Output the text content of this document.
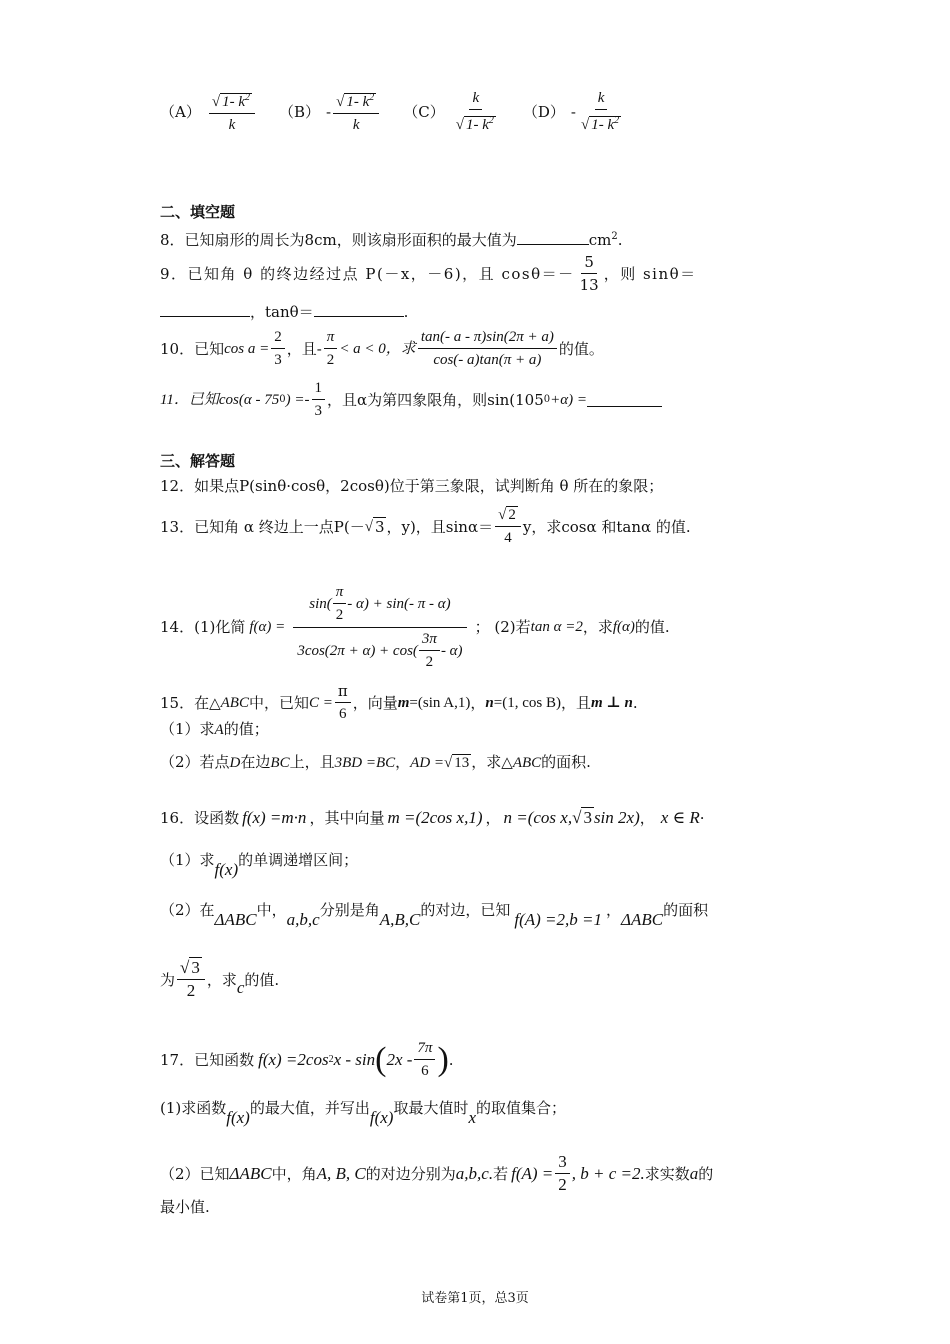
$(A) \frac{√ 1- k^2}{k} (B) - \frac{√ 1- k^2}{k} (C) \frac{k}{√ 1- k^2} (D) - \frac{k}{√ 1- k^2}$
二、填空题
8．已知扇形的周长为8cm，则该扇形面积的最大值为	$cm^2$.
9．已知角 θ 的终边经过点 P(－x，－6)，且 $\cos\theta=- \frac{5}{13}$ ，则 sinθ＝
，tanθ＝	.
10．已知 $\cos a = \frac{2}{3}$ ，且- $\frac{\pi}{2} < a < 0$，求 $\frac{\tan(- a - \pi)\sin(2\pi + a)}{\cos(- a)\tan(\pi + a)}$ 的值。
11．已知cos(α - 75 0 ) =- $\frac{1}{3}$ ，且α为第四象限角，则sin(105 0 +α) =
三、解答题
12．如果点P(sinθ·cosθ，2cosθ)位于第三象限，试判断角 θ 所在的象限；
13．已知角 α 终边上一点P(－ √ 3 ，y)，且$\sin\alpha= \frac{√ 2}{4}$ y，求cosα 和tanα 的值.
14．(1)化简 $f(\alpha) = \frac{\sin( \frac{\pi}{2} - \alpha) + \sin(- \pi - \alpha)}{3\cos(2\pi + \alpha) + \cos( \frac{3\pi}{2} - \alpha)}$ ； (2)若 tan α =2 ，求 f(α) 的值.
15．在△ ABC 中，已知 $C = \frac{\pi}{6}$ ，向量 m =(sin A,1) ， n =(1, cos B) ，且 m ⊥ n .
（1）求A的值；
（2）若点D在边BC上，且3BD =BC，AD =√ 13 ，求△ABC的面积.
16．设函数 f(x) =m·n ，其中向量 m =(2cos x,1) ， n =(cos x, √ 3 sin 2x) ， x ∈ R ·
（1）求f(x)的单调递增区间；
（2）在ΔABC中，a,b,c分别是角A,B,C的对边，已知 f(A) =2,b =1 ，ΔABC的面积
为 $\frac{√ 3}{2}$ ，求 c 的值.
17．已知函数 f(x) =2cos 2 x - sin ( $2x - \frac{7\pi}{6}$ ) .
(1)求函数f(x)的最大值，并写出f(x)取最大值时x的取值集合；
（2）已知 ΔABC 中，角 A, B, C 的对边分别为 a,b,c. 若 $f(A) = \frac{3}{2}$ , b + c =2. 求实数 a 的
最小值.
试卷第1页，总3页
